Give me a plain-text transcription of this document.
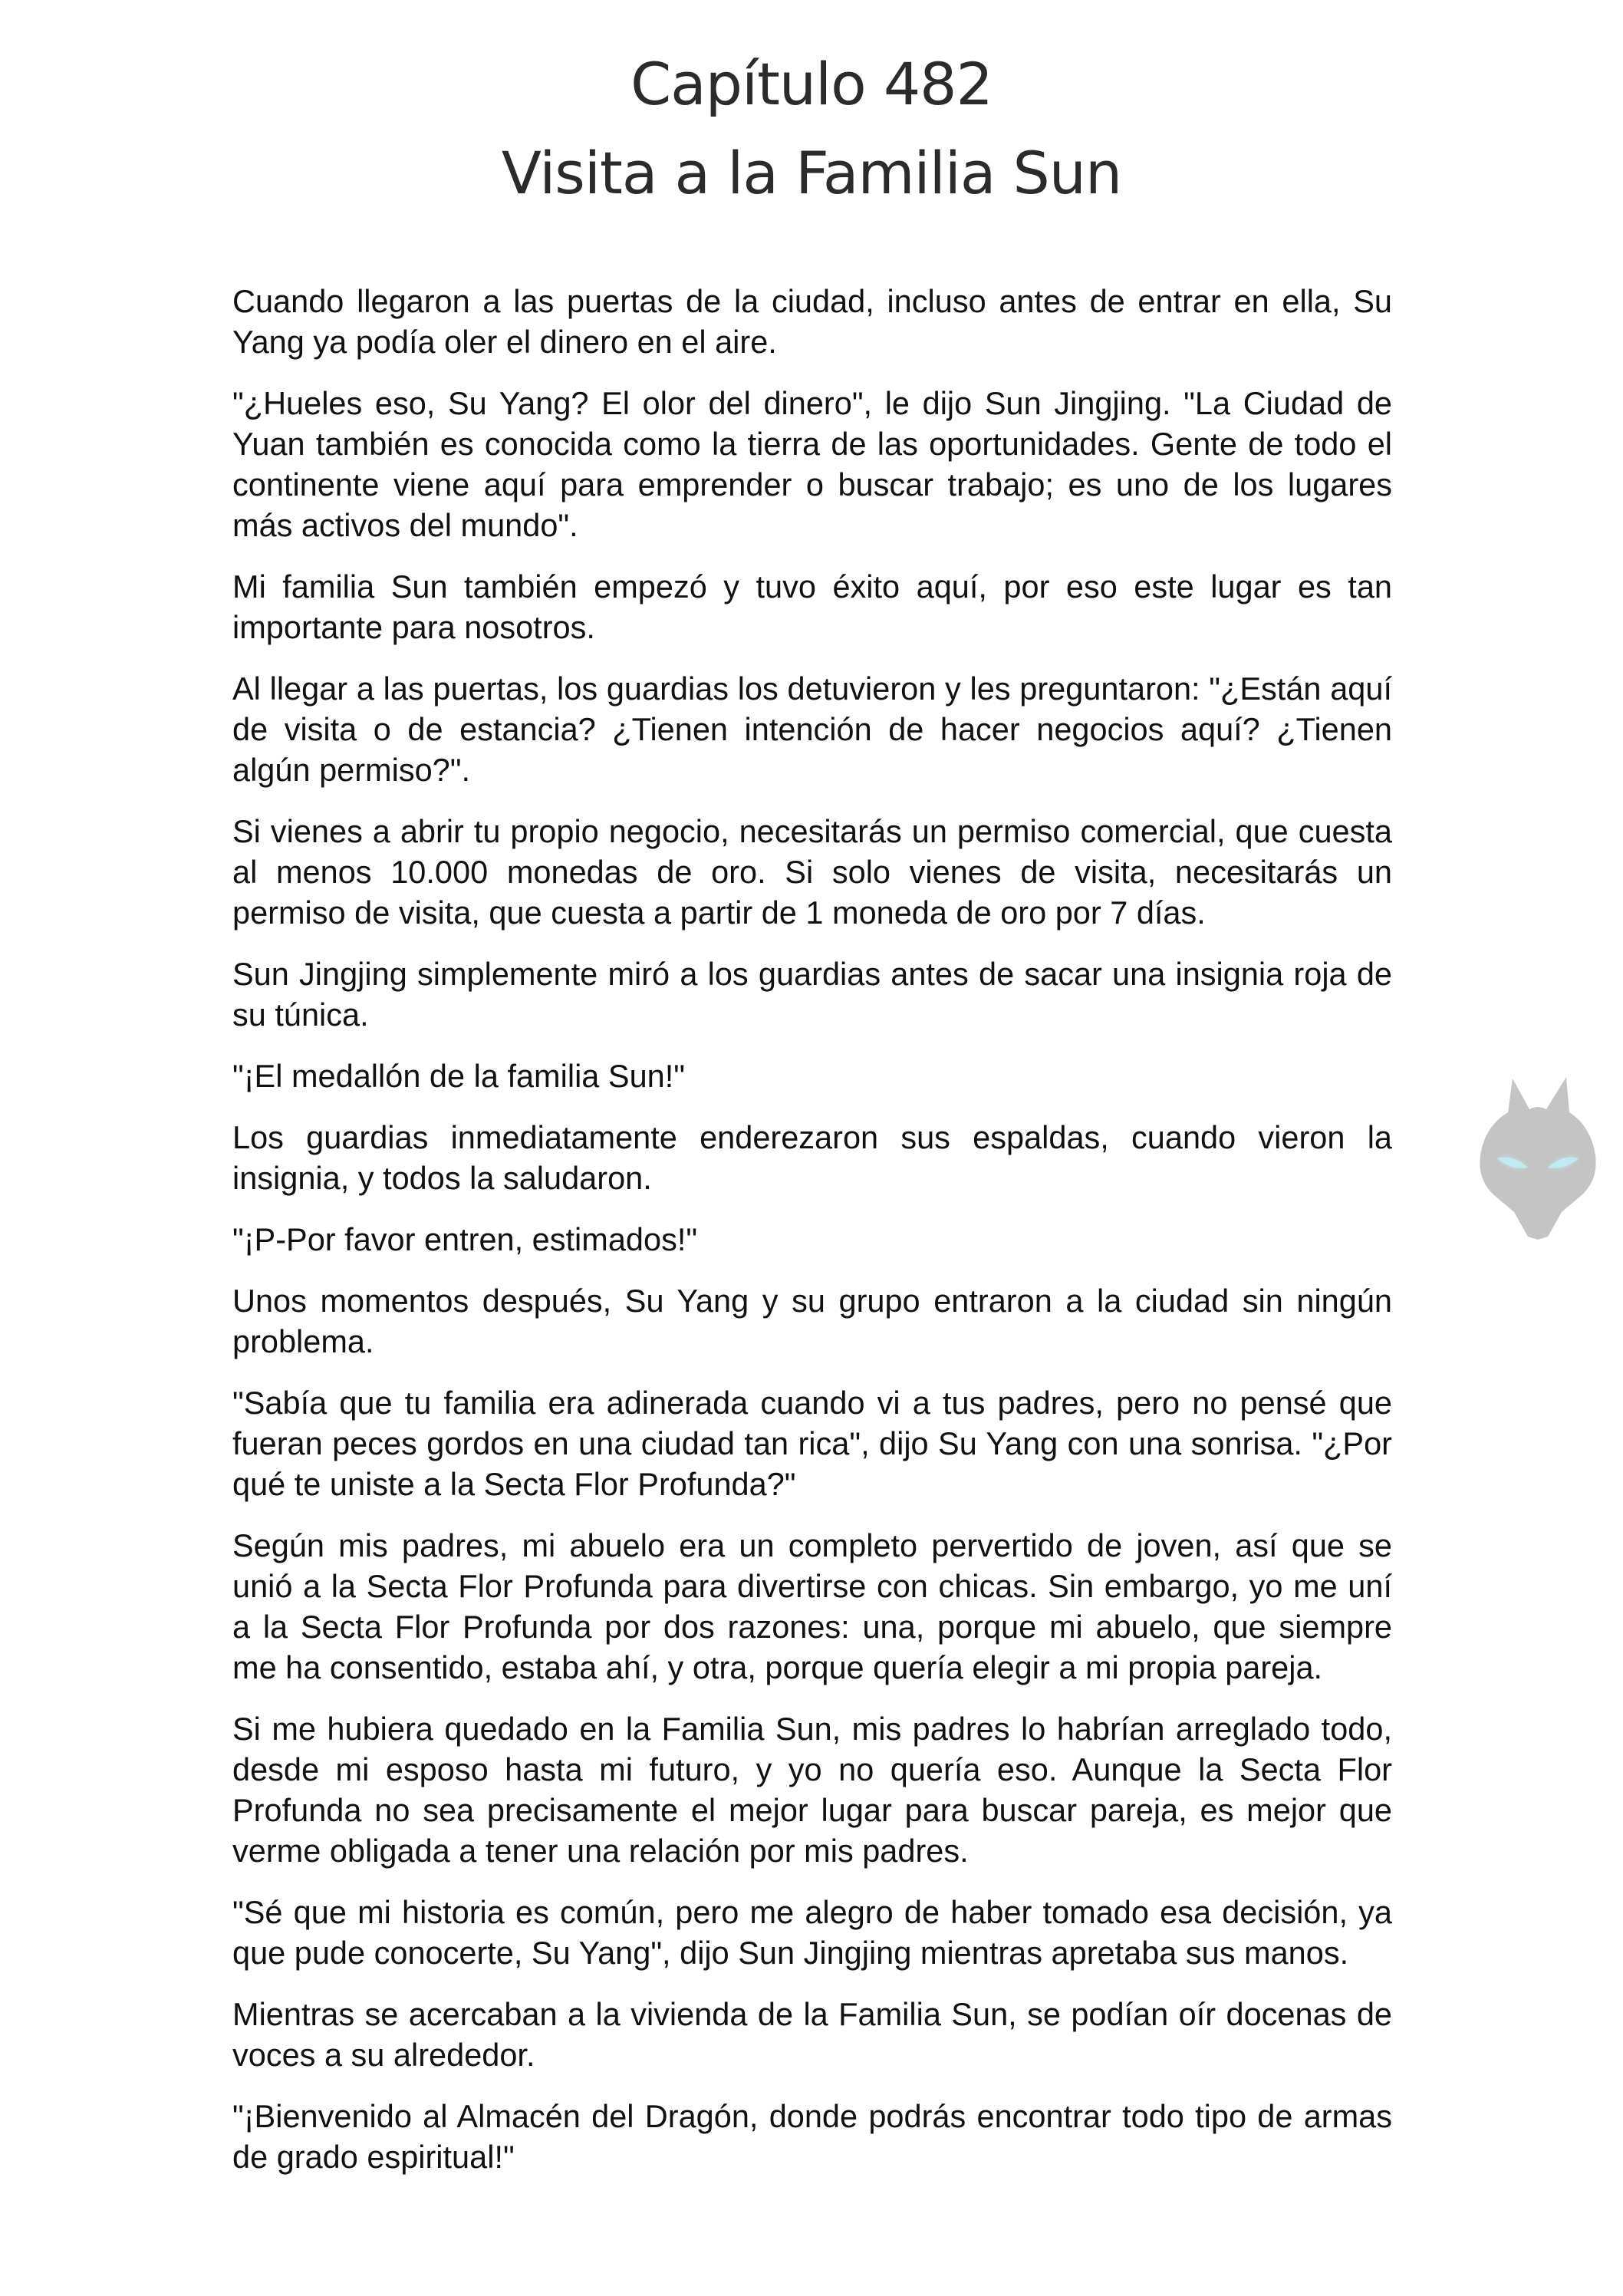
Capítulo 482
Visita a la Familia Sun

Cuando llegaron a las puertas de la ciudad, incluso antes de entrar en ella, Su Yang ya podía oler el dinero en el aire.

"¿Hueles eso, Su Yang? El olor del dinero", le dijo Sun Jingjing. "La Ciudad de Yuan también es conocida como la tierra de las oportunidades. Gente de todo el continente viene aquí para emprender o buscar trabajo; es uno de los lugares más activos del mundo".

Mi familia Sun también empezó y tuvo éxito aquí, por eso este lugar es tan importante para nosotros.

Al llegar a las puertas, los guardias los detuvieron y les preguntaron: "¿Están aquí de visita o de estancia? ¿Tienen intención de hacer negocios aquí? ¿Tienen algún permiso?".

Si vienes a abrir tu propio negocio, necesitarás un permiso comercial, que cuesta al menos 10.000 monedas de oro. Si solo vienes de visita, necesitarás un permiso de visita, que cuesta a partir de 1 moneda de oro por 7 días.

Sun Jingjing simplemente miró a los guardias antes de sacar una insignia roja de su túnica.

"¡El medallón de la familia Sun!"

Los guardias inmediatamente enderezaron sus espaldas, cuando vieron la insignia, y todos la saludaron.

"¡P-Por favor entren, estimados!"

Unos momentos después, Su Yang y su grupo entraron a la ciudad sin ningún problema.

"Sabía que tu familia era adinerada cuando vi a tus padres, pero no pensé que fueran peces gordos en una ciudad tan rica", dijo Su Yang con una sonrisa. "¿Por qué te uniste a la Secta Flor Profunda?"

Según mis padres, mi abuelo era un completo pervertido de joven, así que se unió a la Secta Flor Profunda para divertirse con chicas. Sin embargo, yo me uní a la Secta Flor Profunda por dos razones: una, porque mi abuelo, que siempre me ha consentido, estaba ahí, y otra, porque quería elegir a mi propia pareja.

Si me hubiera quedado en la Familia Sun, mis padres lo habrían arreglado todo, desde mi esposo hasta mi futuro, y yo no quería eso. Aunque la Secta Flor Profunda no sea precisamente el mejor lugar para buscar pareja, es mejor que verme obligada a tener una relación por mis padres.

"Sé que mi historia es común, pero me alegro de haber tomado esa decisión, ya que pude conocerte, Su Yang", dijo Sun Jingjing mientras apretaba sus manos.

Mientras se acercaban a la vivienda de la Familia Sun, se podían oír docenas de voces a su alrededor.

"¡Bienvenido al Almacén del Dragón, donde podrás encontrar todo tipo de armas de grado espiritual!"
